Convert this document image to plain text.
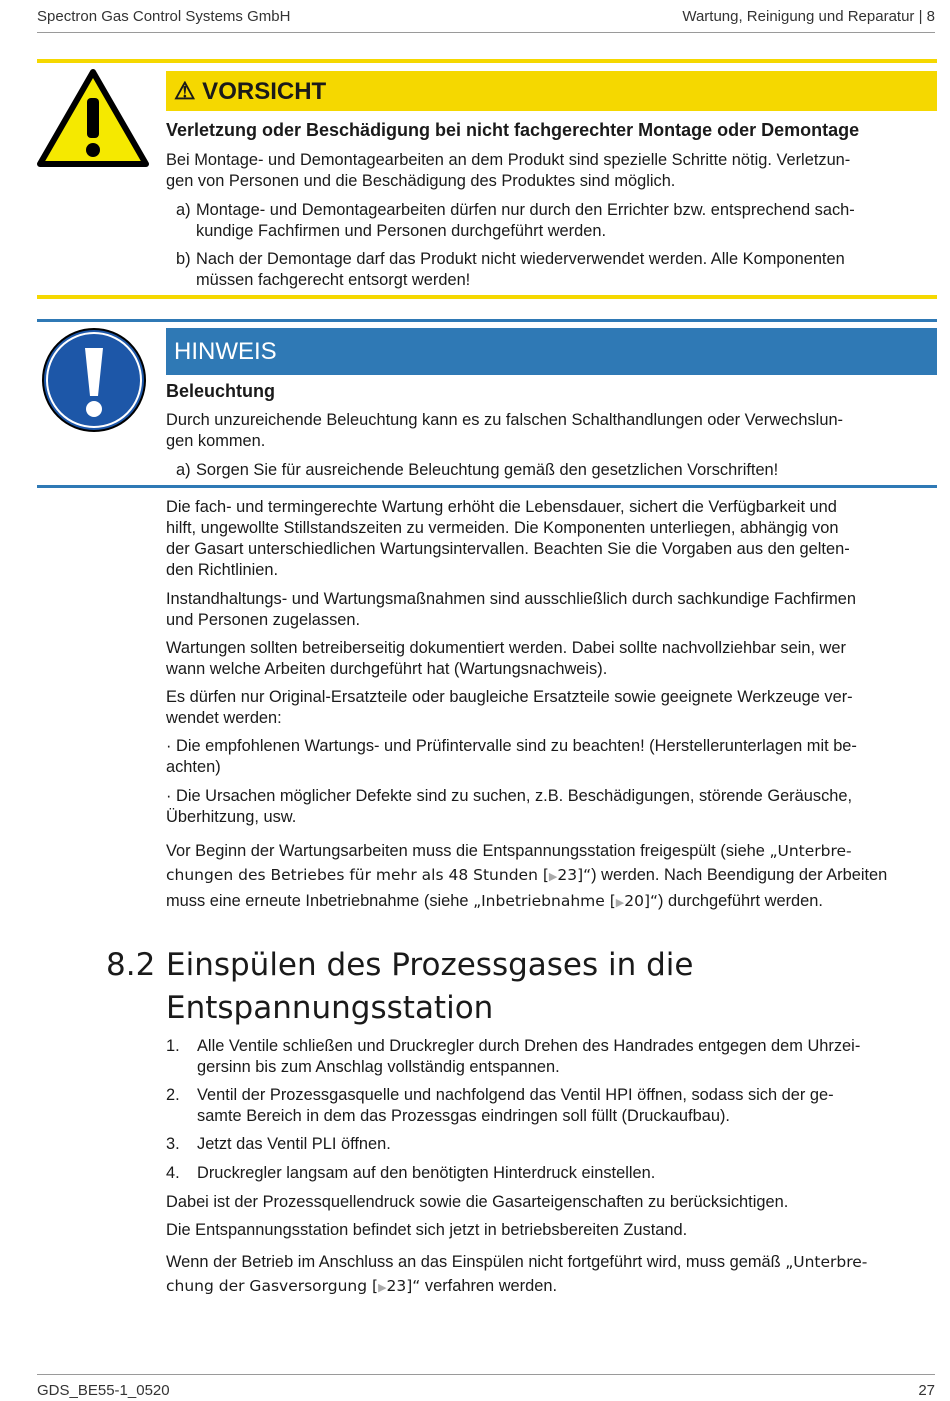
Spectron Gas Control Systems GmbH	Wartung, Reinigung und Reparatur | 8
⚠ VORSICHT
Verletzung oder Beschädigung bei nicht fachgerechter Montage oder Demontage
Bei Montage- und Demontagearbeiten an dem Produkt sind spezielle Schritte nötig. Verletzun-
gen von Personen und die Beschädigung des Produktes sind möglich.
a) Montage- und Demontagearbeiten dürfen nur durch den Errichter bzw. entsprechend sach-
kundige Fachfirmen und Personen durchgeführt werden.
b) Nach der Demontage darf das Produkt nicht wiederverwendet werden. Alle Komponenten
müssen fachgerecht entsorgt werden!
HINWEIS
Beleuchtung
Durch unzureichende Beleuchtung kann es zu falschen Schalthandlungen oder Verwechslun-
gen kommen.
a) Sorgen Sie für ausreichende Beleuchtung gemäß den gesetzlichen Vorschriften!
Die fach- und termingerechte Wartung erhöht die Lebensdauer, sichert die Verfügbarkeit und
hilft, ungewollte Stillstandszeiten zu vermeiden. Die Komponenten unterliegen, abhängig von
der Gasart unterschiedlichen Wartungsintervallen. Beachten Sie die Vorgaben aus den gelten-
den Richtlinien.
Instandhaltungs- und Wartungsmaßnahmen sind ausschließlich durch sachkundige Fachfirmen
und Personen zugelassen.
Wartungen sollten betreiberseitig dokumentiert werden. Dabei sollte nachvollziehbar sein, wer
wann welche Arbeiten durchgeführt hat (Wartungsnachweis).
Es dürfen nur Original-Ersatzteile oder baugleiche Ersatzteile sowie geeignete Werkzeuge ver-
wendet werden:
· Die empfohlenen Wartungs- und Prüfintervalle sind zu beachten! (Herstellerunterlagen mit be-
achten)
· Die Ursachen möglicher Defekte sind zu suchen, z.B. Beschädigungen, störende Geräusche,
Überhitzung, usw.
Vor Beginn der Wartungsarbeiten muss die Entspannungsstation freigespült (siehe „Unterbre-
chungen des Betriebes für mehr als 48 Stunden [▶23]“) werden. Nach Beendigung der Arbeiten
muss eine erneute Inbetriebnahme (siehe „Inbetriebnahme [▶20]“) durchgeführt werden.
8.2 Einspülen des Prozessgases in die
Entspannungsstation
1. Alle Ventile schließen und Druckregler durch Drehen des Handrades entgegen dem Uhrzei-
gersinn bis zum Anschlag vollständig entspannen.
2. Ventil der Prozessgasquelle und nachfolgend das Ventil HPI öffnen, sodass sich der ge-
samte Bereich in dem das Prozessgas eindringen soll füllt (Druckaufbau).
3. Jetzt das Ventil PLI öffnen.
4. Druckregler langsam auf den benötigten Hinterdruck einstellen.
Dabei ist der Prozessquellendruck sowie die Gasarteigenschaften zu berücksichtigen.
Die Entspannungsstation befindet sich jetzt in betriebsbereiten Zustand.
Wenn der Betrieb im Anschluss an das Einspülen nicht fortgeführt wird, muss gemäß „Unterbre-
chung der Gasversorgung [▶23]“ verfahren werden.
GDS_BE55-1_0520	27
